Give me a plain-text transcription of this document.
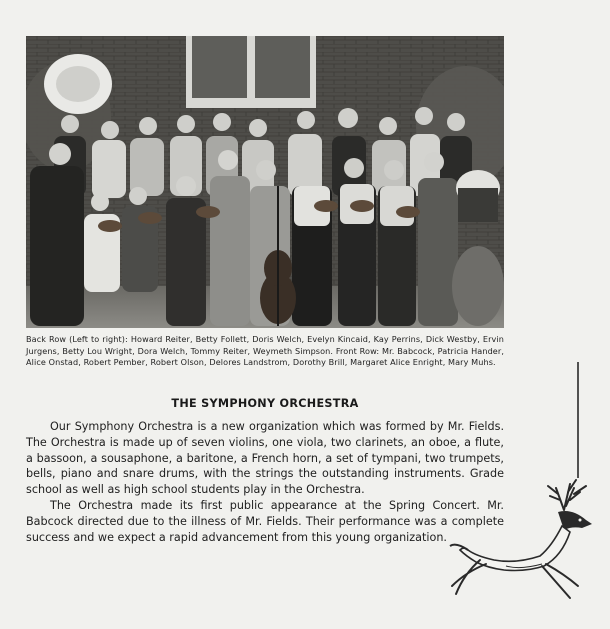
Back Row (Left to right): Howard Reiter, Betty Follett, Doris Welch, Evelyn Kincaid, Kay Perrins, Dick Westby, Ervin Jurgens, Betty Lou Wright, Dora Welch, Tommy Reiter, Weymeth Simpson. Front Row: Mr. Babcock, Patricia Hander, Alice Onstad, Robert Pember, Robert Olson, Delores Landstrom, Dorothy Brill, Margaret Alice Enright, Mary Muhs.
THE SYMPHONY ORCHESTRA

Our Symphony Orchestra is a new organization which was formed by Mr. Fields. The Orchestra is made up of seven violins, one viola, two clarinets, an oboe, a flute, a bassoon, a sousaphone, a baritone, a French horn, a set of tympani, two trumpets, bells, piano and snare drums, with the strings the outstanding instruments. Grade school as well as high school students play in the Orchestra.

The Orchestra made its first public appearance at the Spring Concert. Mr. Babcock directed due to the illness of Mr. Fields. Their performance was a complete success and we expect a rapid advancement from this young organization.
